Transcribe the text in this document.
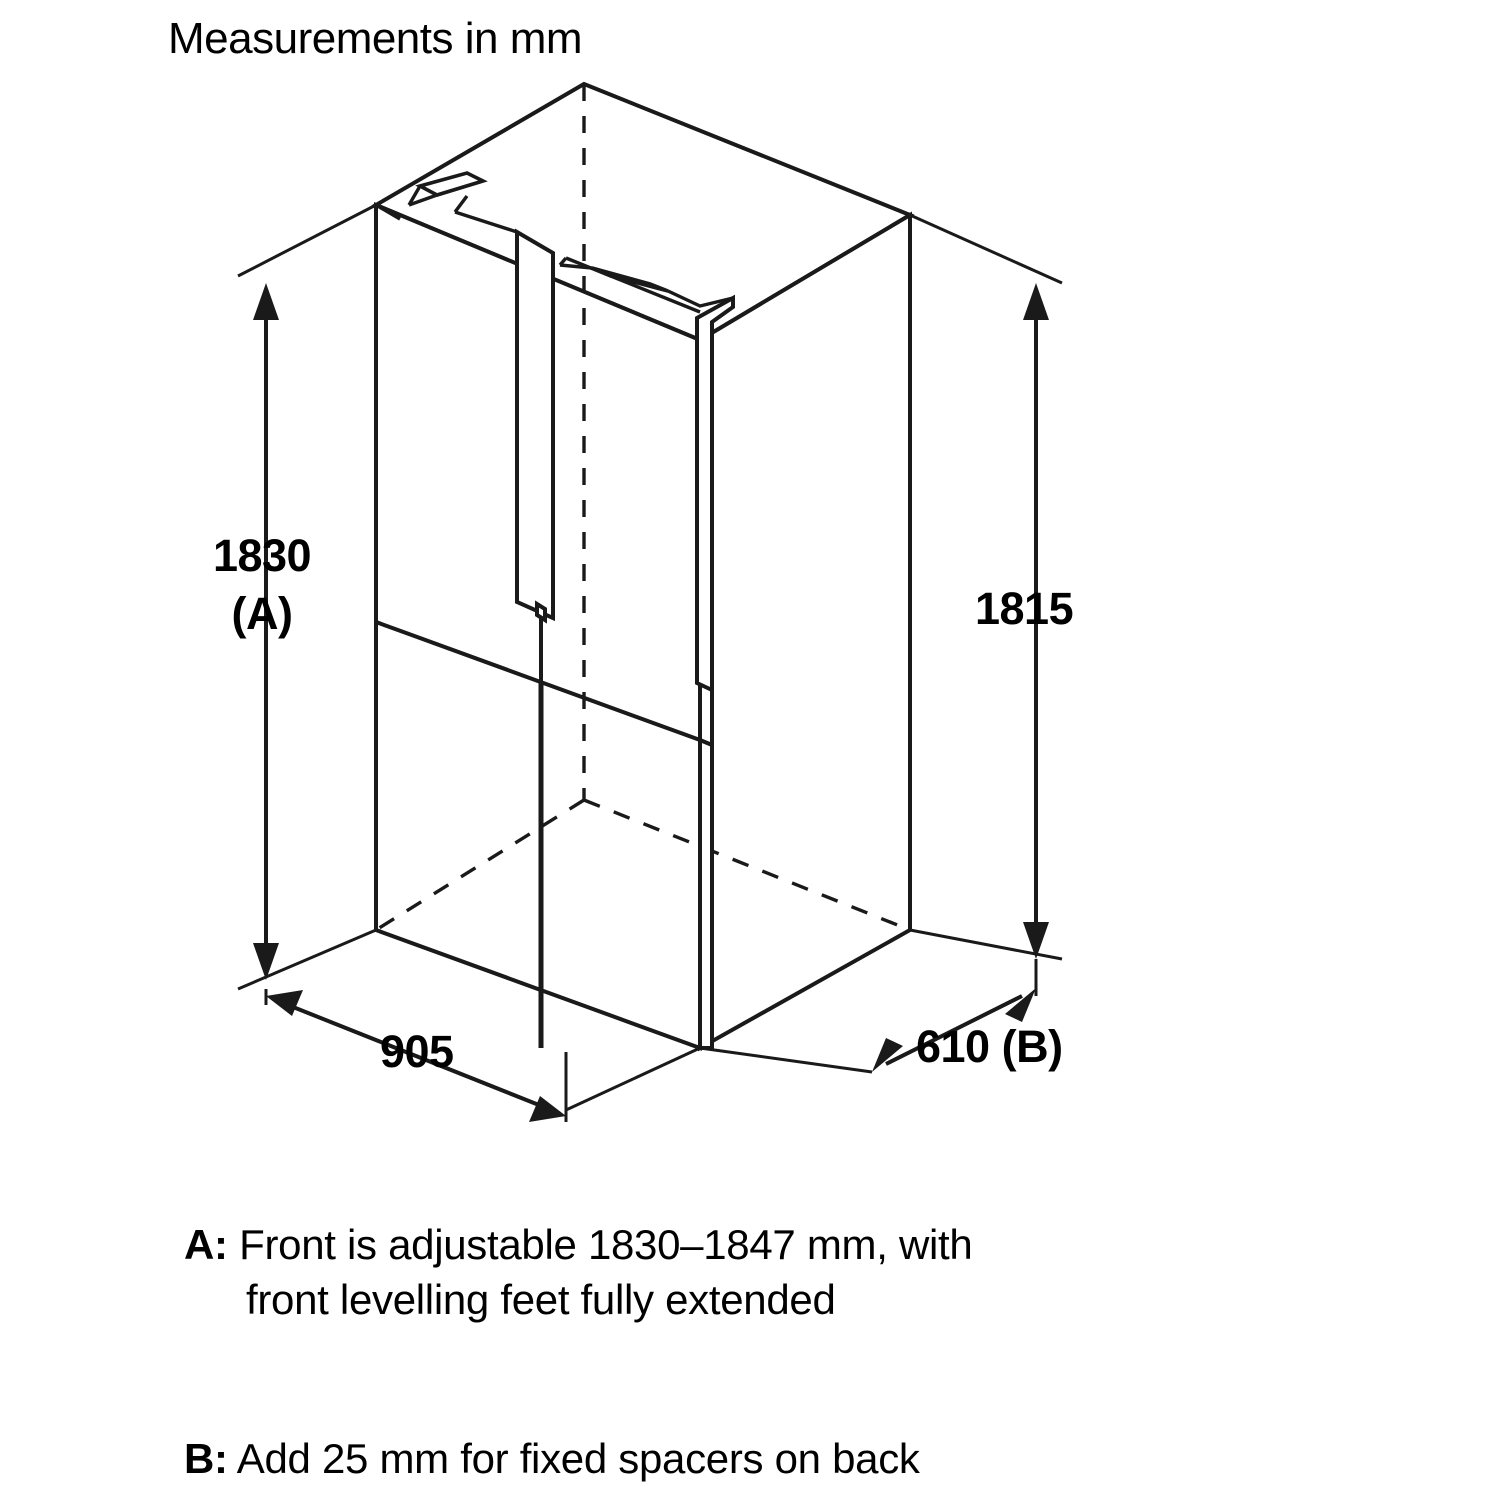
Measurements in mm
1830
(A)	1815
905	610 (B)
A: Front is adjustable 1830–1847 mm, with
front levelling feet fully extended
B: Add 25 mm for fixed spacers on back
